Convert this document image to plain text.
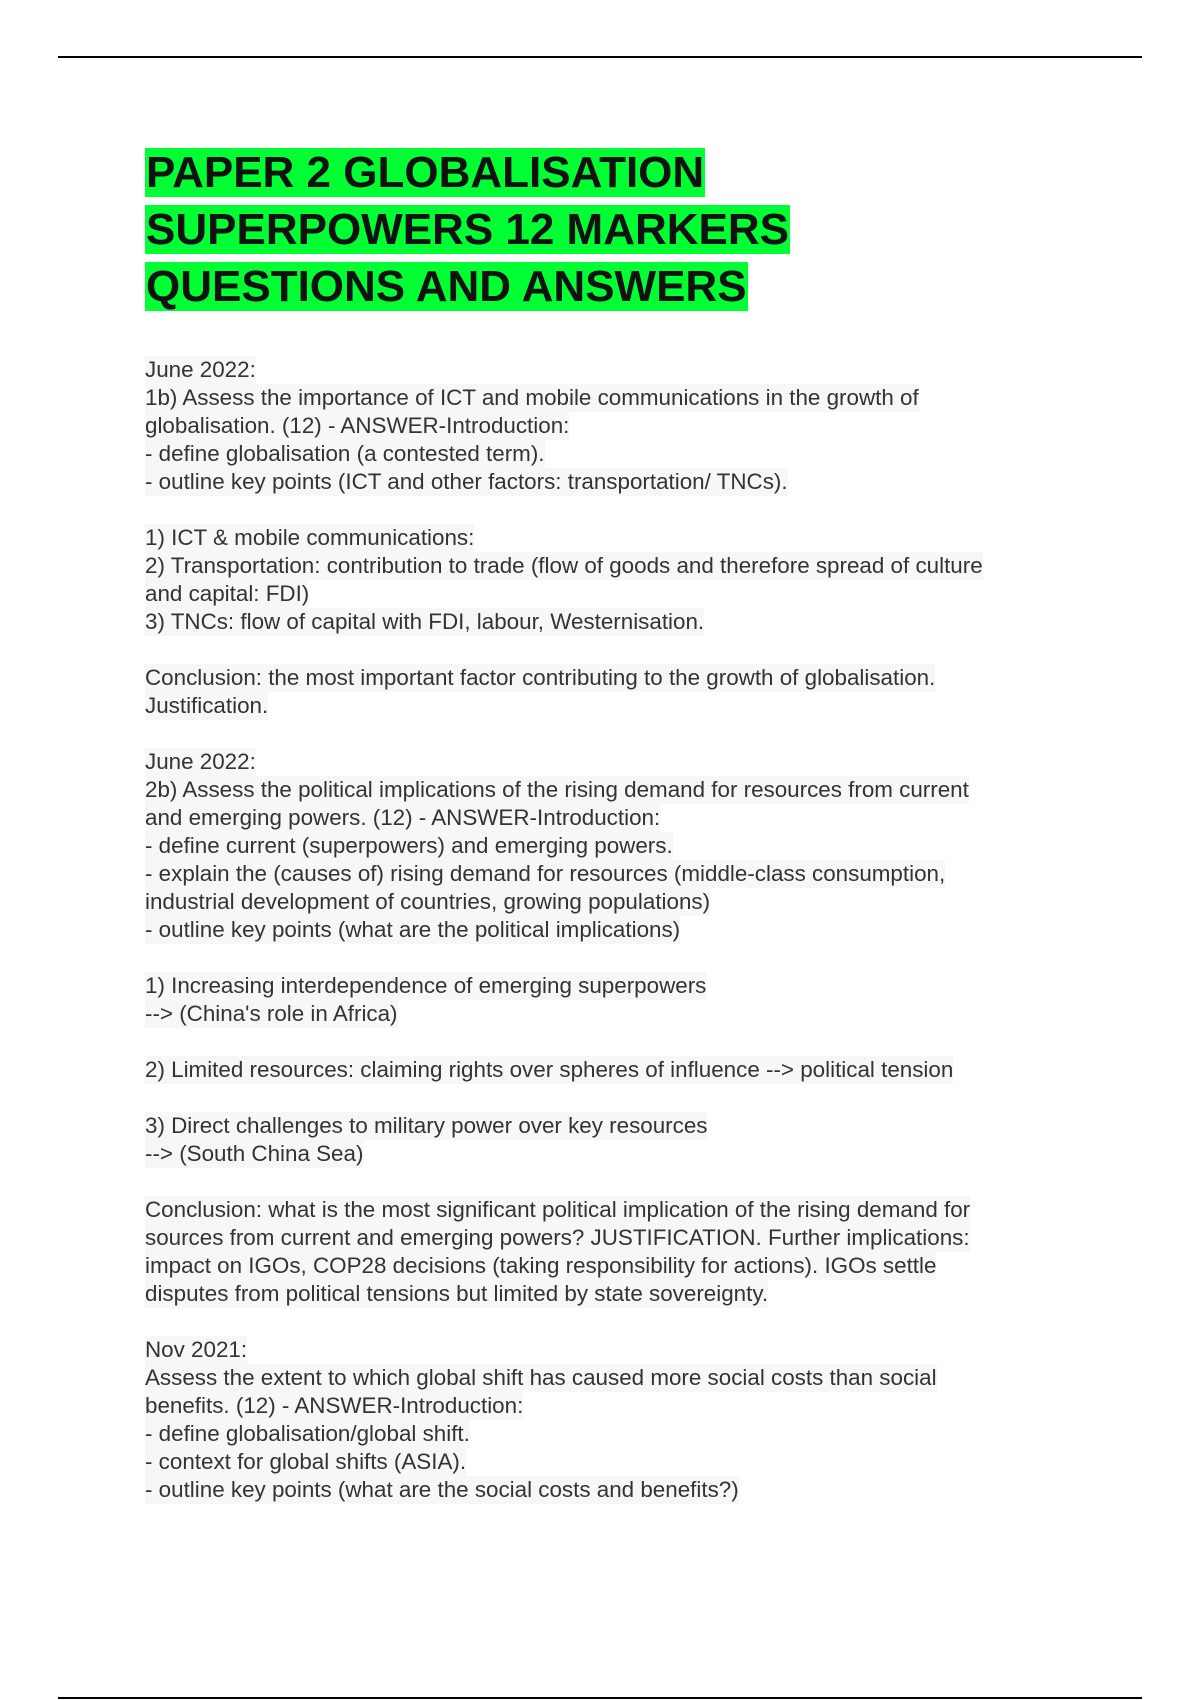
PAPER 2 GLOBALISATION
SUPERPOWERS 12 MARKERS
QUESTIONS AND ANSWERS
June 2022:
1b) Assess the importance of ICT and mobile communications in the growth of
globalisation. (12) - ANSWER-Introduction:
- define globalisation (a contested term).
- outline key points (ICT and other factors: transportation/ TNCs).
1) ICT & mobile communications:
2) Transportation: contribution to trade (flow of goods and therefore spread of culture
and capital: FDI)
3) TNCs: flow of capital with FDI, labour, Westernisation.
Conclusion: the most important factor contributing to the growth of globalisation.
Justification.
June 2022:
2b) Assess the political implications of the rising demand for resources from current
and emerging powers. (12) - ANSWER-Introduction:
- define current (superpowers) and emerging powers.
- explain the (causes of) rising demand for resources (middle-class consumption,
industrial development of countries, growing populations)
- outline key points (what are the political implications)
1) Increasing interdependence of emerging superpowers
--> (China's role in Africa)
2) Limited resources: claiming rights over spheres of influence --> political tension
3) Direct challenges to military power over key resources
--> (South China Sea)
Conclusion: what is the most significant political implication of the rising demand for
sources from current and emerging powers? JUSTIFICATION. Further implications:
impact on IGOs, COP28 decisions (taking responsibility for actions). IGOs settle
disputes from political tensions but limited by state sovereignty.
Nov 2021:
Assess the extent to which global shift has caused more social costs than social
benefits. (12) - ANSWER-Introduction:
- define globalisation/global shift.
- context for global shifts (ASIA).
- outline key points (what are the social costs and benefits?)
